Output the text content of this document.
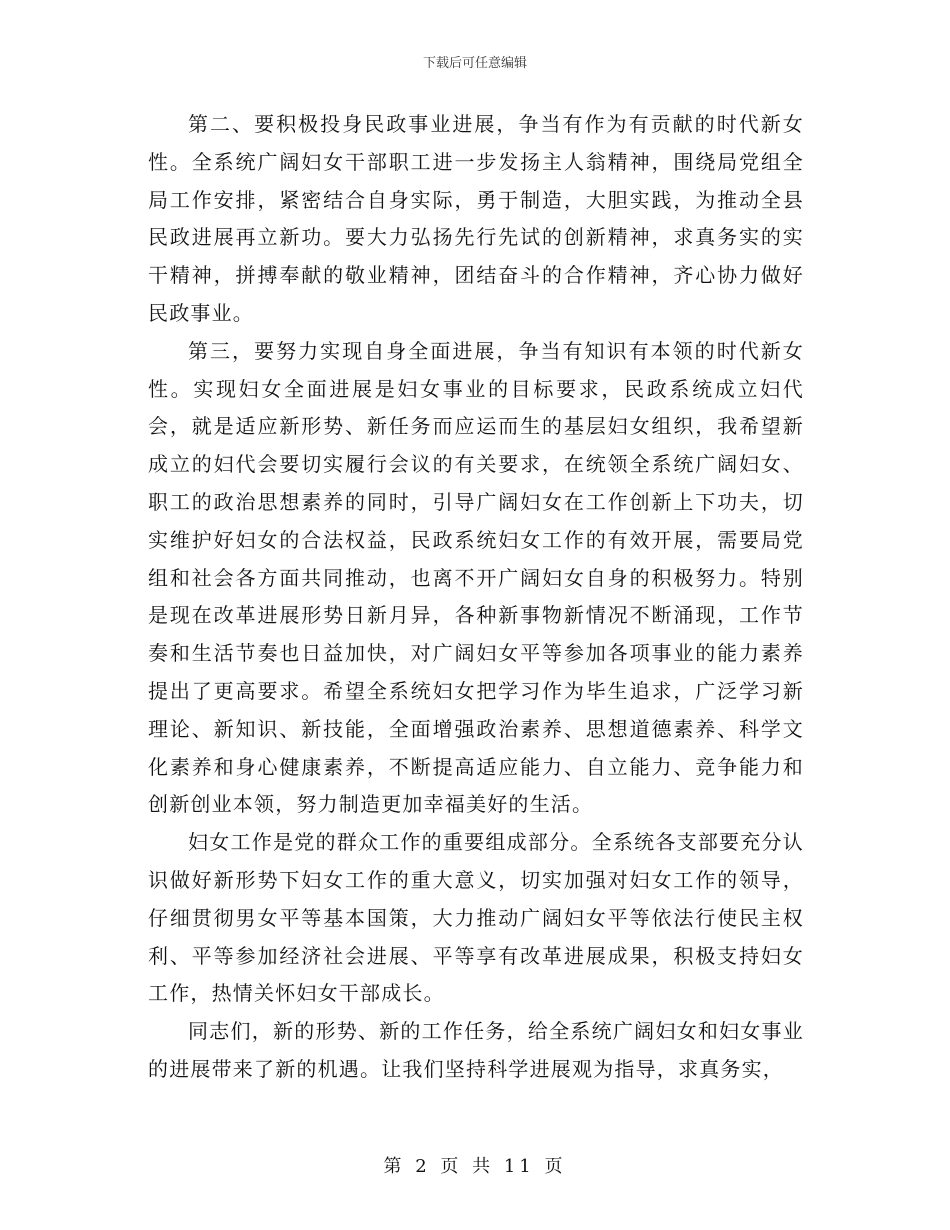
下载后可任意编辑

第二、要积极投身民政事业进展，争当有作为有贡献的时代新女性。全系统广阔妇女干部职工进一步发扬主人翁精神，围绕局党组全局工作安排，紧密结合自身实际，勇于制造，大胆实践，为推动全县民政进展再立新功。要大力弘扬先行先试的创新精神，求真务实的实干精神，拼搏奉献的敬业精神，团结奋斗的合作精神，齐心协力做好民政事业。

第三，要努力实现自身全面进展，争当有知识有本领的时代新女性。实现妇女全面进展是妇女事业的目标要求，民政系统成立妇代会，就是适应新形势、新任务而应运而生的基层妇女组织，我希望新成立的妇代会要切实履行会议的有关要求，在统领全系统广阔妇女、职工的政治思想素养的同时，引导广阔妇女在工作创新上下功夫，切实维护好妇女的合法权益，民政系统妇女工作的有效开展，需要局党组和社会各方面共同推动，也离不开广阔妇女自身的积极努力。特别是现在改革进展形势日新月异，各种新事物新情况不断涌现，工作节奏和生活节奏也日益加快，对广阔妇女平等参加各项事业的能力素养提出了更高要求。希望全系统妇女把学习作为毕生追求，广泛学习新理论、新知识、新技能，全面增强政治素养、思想道德素养、科学文化素养和身心健康素养，不断提高适应能力、自立能力、竞争能力和创新创业本领，努力制造更加幸福美好的生活。

妇女工作是党的群众工作的重要组成部分。全系统各支部要充分认识做好新形势下妇女工作的重大意义，切实加强对妇女工作的领导，仔细贯彻男女平等基本国策，大力推动广阔妇女平等依法行使民主权利、平等参加经济社会进展、平等享有改革进展成果，积极支持妇女工作，热情关怀妇女干部成长。

同志们，新的形势、新的工作任务，给全系统广阔妇女和妇女事业的进展带来了新的机遇。让我们坚持科学进展观为指导，求真务实，

第 2 页 共 11 页
